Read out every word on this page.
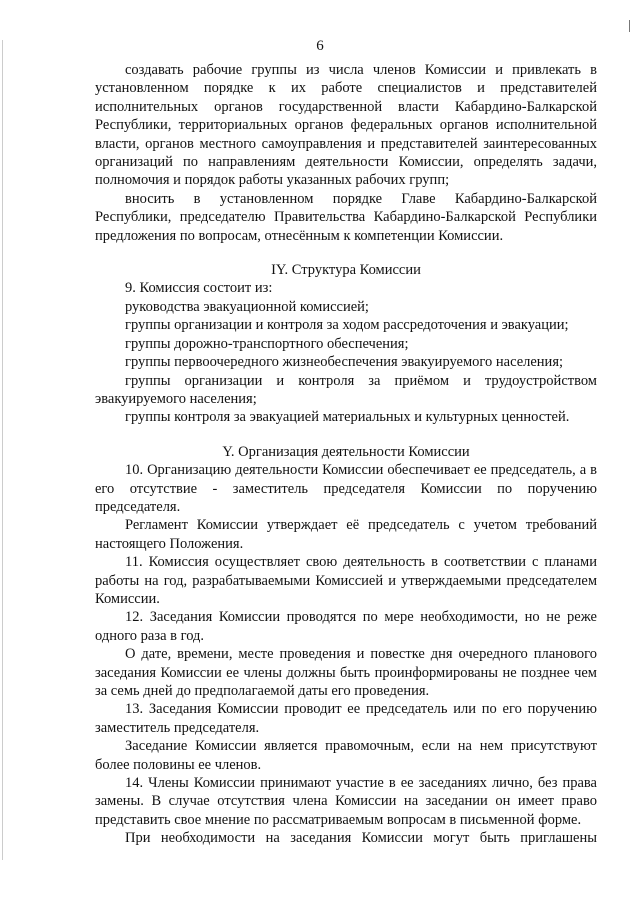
6

создавать рабочие группы из числа членов Комиссии и привлекать в установленном порядке к их работе специалистов и представителей исполнительных органов государственной власти Кабардино-Балкарской Республики, территориальных органов федеральных органов исполнительной власти, органов местного самоуправления и представителей заинтересованных организаций по направлениям деятельности Комиссии, определять задачи, полномочия и порядок работы указанных рабочих групп;

вносить в установленном порядке Главе Кабардино-Балкарской Республики, председателю Правительства Кабардино-Балкарской Республики предложения по вопросам, отнесённым к компетенции Комиссии.

IY. Структура Комиссии

9. Комиссия состоит из:

руководства эвакуационной комиссией;

группы организации и контроля за ходом рассредоточения и эвакуации;

группы дорожно-транспортного обеспечения;

группы первоочередного жизнеобеспечения эвакуируемого населения;

группы организации и контроля за приёмом и трудоустройством эвакуируемого населения;

группы контроля за эвакуацией материальных и культурных ценностей.

Y. Организация деятельности Комиссии

10. Организацию деятельности Комиссии обеспечивает ее председатель, а в его отсутствие - заместитель председателя Комиссии по поручению председателя.

Регламент Комиссии утверждает её председатель с учетом требований настоящего Положения.

11. Комиссия осуществляет свою деятельность в соответствии с планами работы на год, разрабатываемыми Комиссией и утверждаемыми председателем Комиссии.

12. Заседания Комиссии проводятся по мере необходимости, но не реже одного раза в год.

О дате, времени, месте проведения и повестке дня очередного планового заседания Комиссии ее члены должны быть проинформированы не позднее чем за семь дней до предполагаемой даты его проведения.

13. Заседания Комиссии проводит ее председатель или по его поручению заместитель председателя.

Заседание Комиссии является правомочным, если на нем присутствуют более половины ее членов.

14. Члены Комиссии принимают участие в ее заседаниях лично, без права замены. В случае отсутствия члена Комиссии на заседании он имеет право представить свое мнение по рассматриваемым вопросам в письменной форме.

При необходимости на заседания Комиссии могут быть приглашены
